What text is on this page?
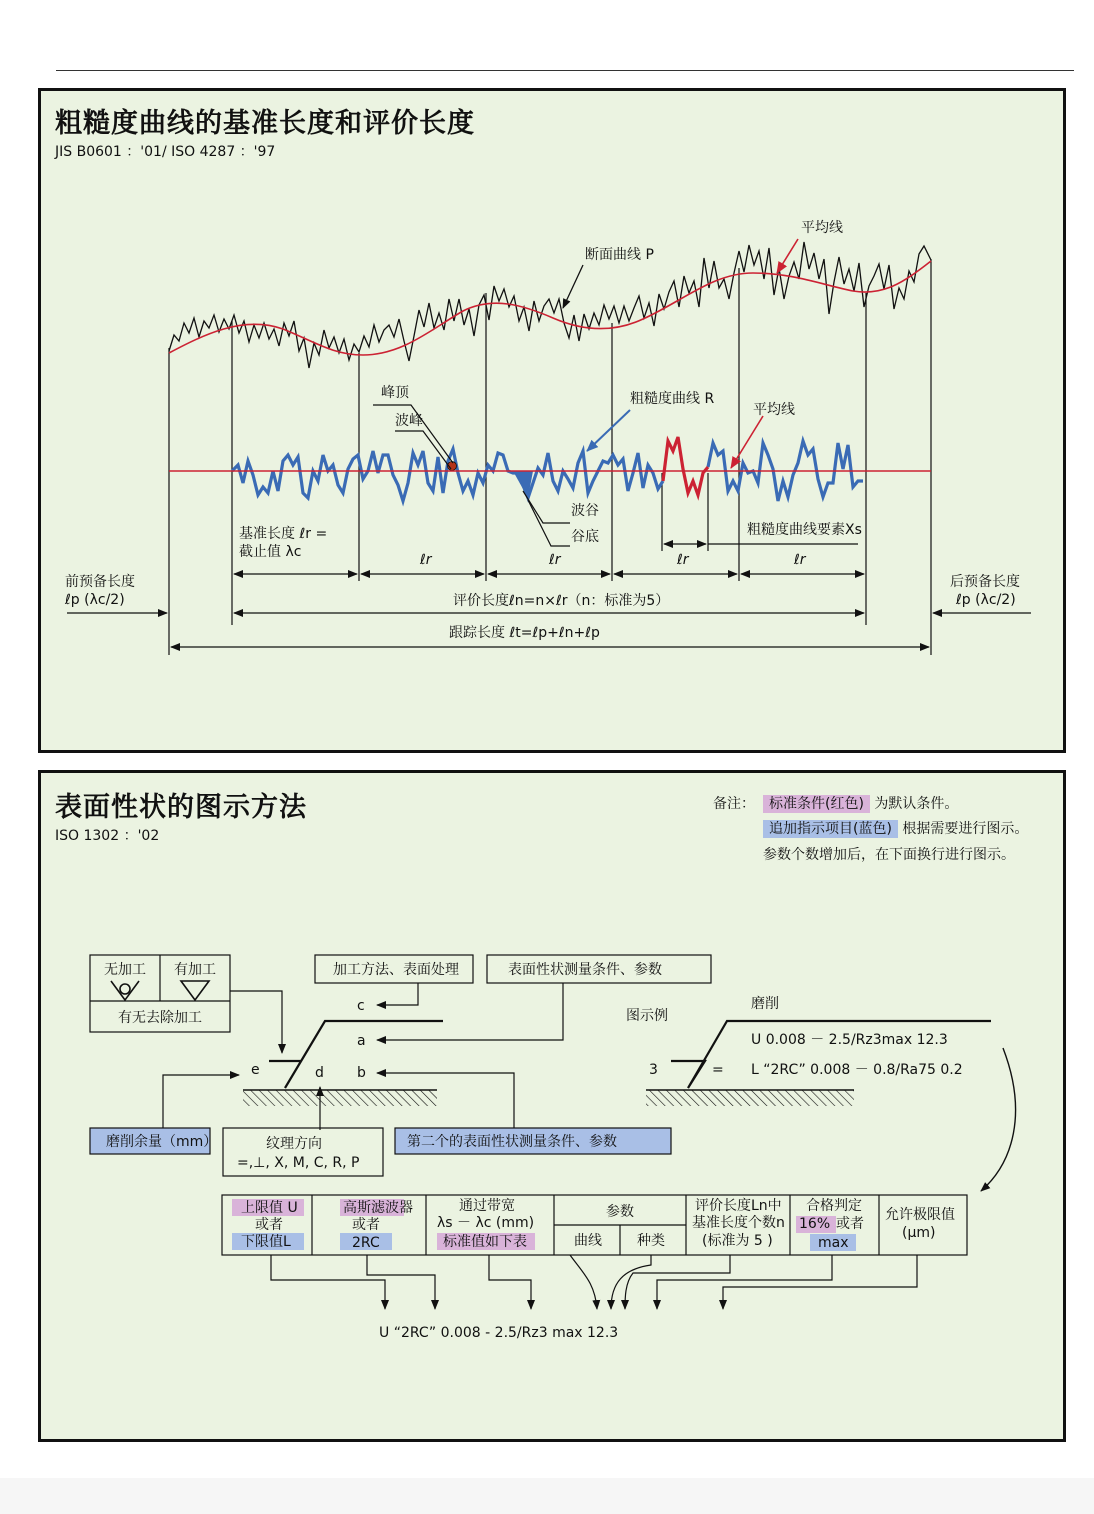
粗糙度曲线的基准长度和评价长度
JIS B0601 ：'01/ ISO 4287 ：'97
平均线
断面曲线 P
峰顶
波峰
粗糙度曲线 R
平均线
波谷
谷底
基准长度 ℓr =
截止值 λc	ℓr	ℓr	ℓr	ℓr
粗糙度曲线要素Xs
前预备长度
ℓp (λc/2)
后预备长度
ℓp (λc/2)
评价长度ℓn=n×ℓr（n：标准为5）
跟踪长度 ℓt=ℓp+ℓn+ℓp
表面性状的图示方法
ISO 1302 ：'02
备注：	标准条件(红色) 为默认条件。
追加指示项目(蓝色) 根据需要进行图示。
参数个数增加后，在下面换行进行图示。
无加工 有加工
有无去除加工
加工方法、表面处理	表面性状测量条件、参数
c
a
b
e	d
磨削余量（mm）	纹理方向
=,⊥, X, M, C, R, P
第二个的表面性状测量条件、参数
图示例
磨削
U 0.008 － 2.5/Rz3max 12.3
L “2RC” 0.008 － 0.8/Ra75 0.2
3	=
上限值 U
或者
下限值L
高斯滤波器
或者
2RC
通过带宽
λs － λc (mm)
标准值如下表
参数
曲线	种类
评价长度Ln中
基准长度个数n
(标准为 5 )
合格判定
16% 或者
max
允许极限值
(μm)
U “2RC” 0.008 - 2.5/Rz3 max 12.3
